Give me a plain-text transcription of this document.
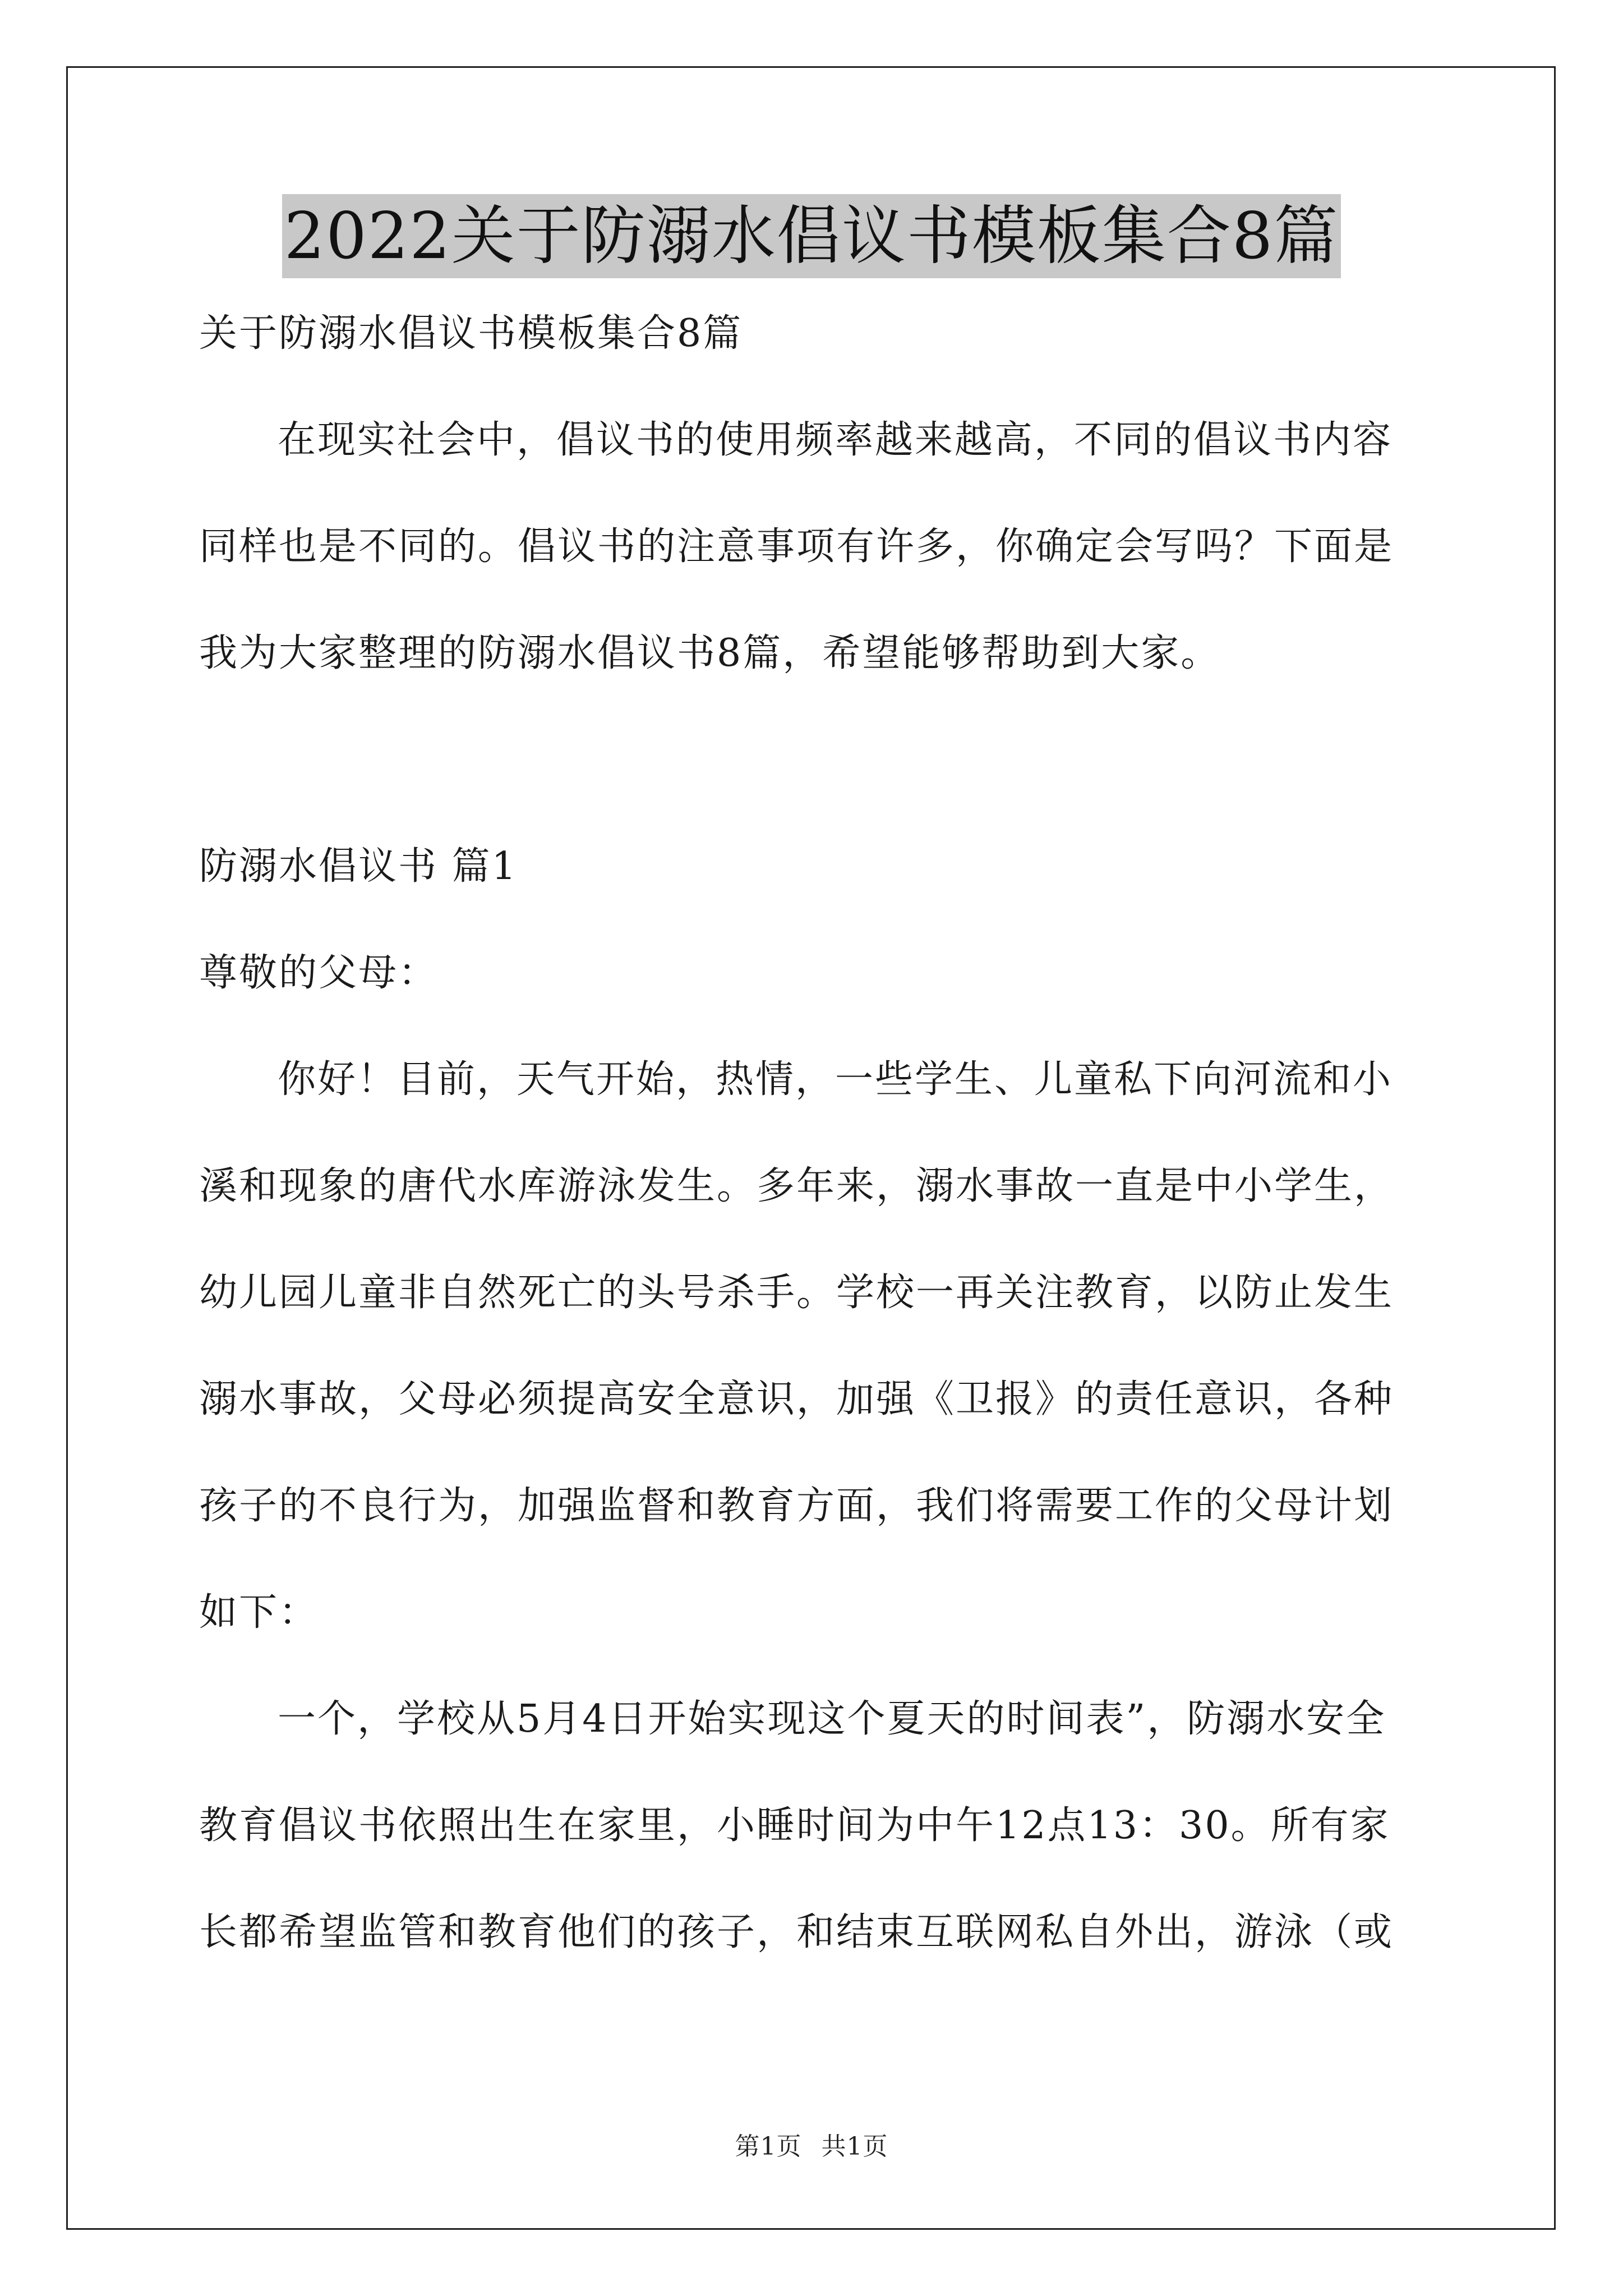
2022关于防溺水倡议书模板集合8篇
关于防溺水倡议书模板集合8篇
在现实社会中，倡议书的使用频率越来越高，不同的倡议书内容
同样也是不同的。倡议书的注意事项有许多，你确定会写吗？下面是
我为大家整理的防溺水倡议书8篇，希望能够帮助到大家。
防溺水倡议书 篇1
尊敬的父母：
你好！目前，天气开始，热情，一些学生、儿童私下向河流和小
溪和现象的唐代水库游泳发生。多年来，溺水事故一直是中小学生，
幼儿园儿童非自然死亡的头号杀手。学校一再关注教育，以防止发生
溺水事故，父母必须提高安全意识，加强《卫报》的责任意识，各种
孩子的不良行为，加强监督和教育方面，我们将需要工作的父母计划
如下：
一个，学校从5月4日开始实现这个夏天的时间表”，防溺水安全
教育倡议书依照出生在家里，小睡时间为中午12点13：30。所有家
长都希望监管和教育他们的孩子，和结束互联网私自外出，游泳（或
第1页 共1页
